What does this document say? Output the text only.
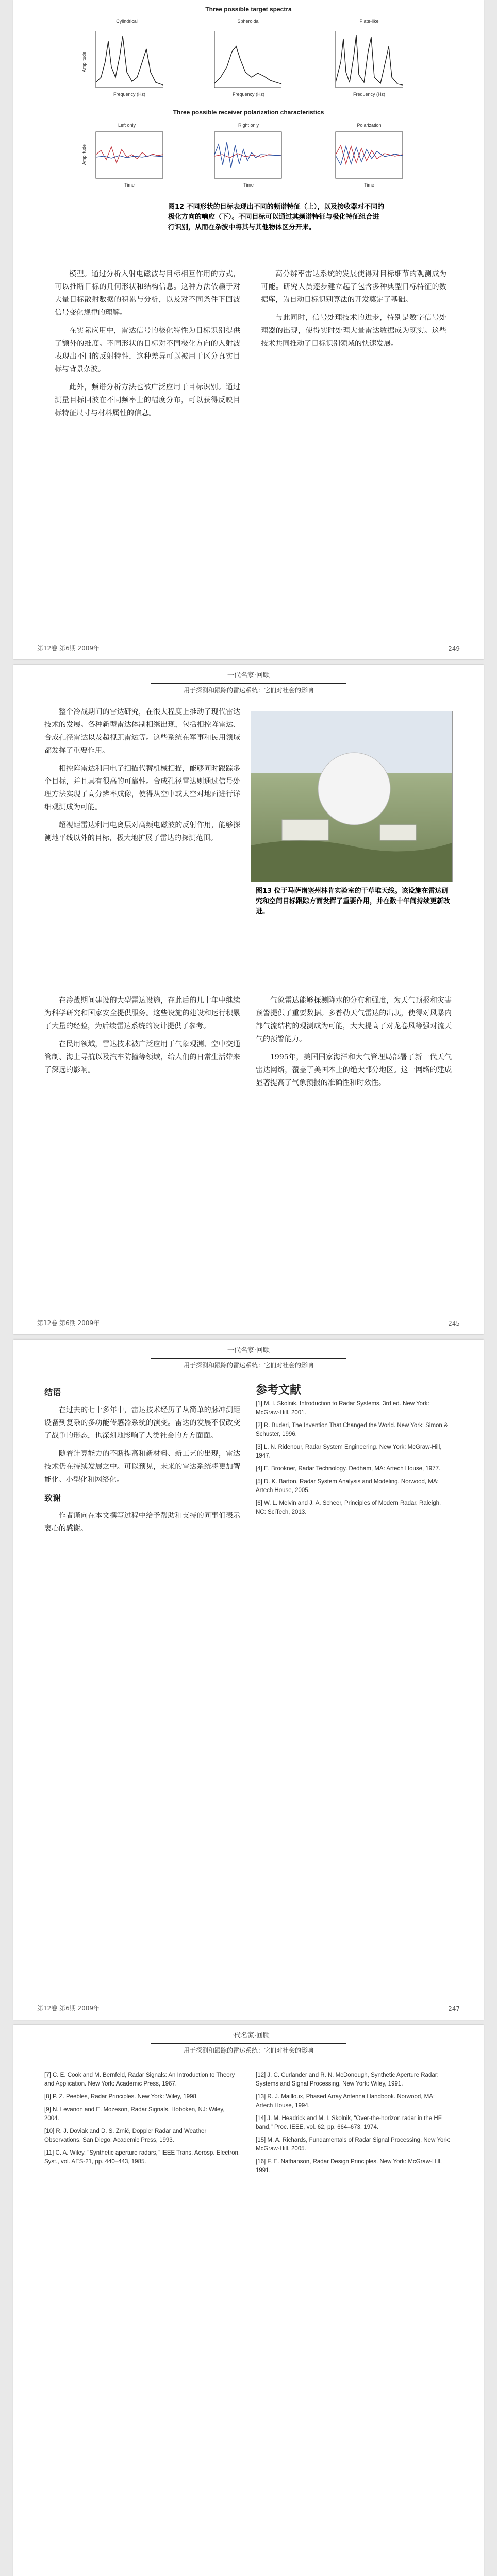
Three possible target spectra
Cylindrical
Frequency (Hz)
Spheroidal
Frequency (Hz)
Plate-like
Frequency (Hz)
Amplitude
Three possible receiver polarization characteristics
Left only
Time
Right only
Time
Polarization
Time
Amplitude
图12 不同形状的目标表现出不同的频谱特征（上），以及接收器对不同的极化方向的响应（下）。不同目标可以通过其频谱特征与极化特征组合进行识别，从而在杂波中将其与其他物体区分开来。

模型。通过分析入射电磁波与目标相互作用的方式，可以推断目标的几何形状和结构信息。这种方法依赖于对大量目标散射数据的积累与分析，以及对不同条件下回波信号变化规律的理解。

在实际应用中，雷达信号的极化特性为目标识别提供了额外的维度。不同形状的目标对不同极化方向的入射波表现出不同的反射特性，这种差异可以被用于区分真实目标与背景杂波。

此外，频谱分析方法也被广泛应用于目标识别。通过测量目标回波在不同频率上的幅度分布，可以获得反映目标特征尺寸与材料属性的信息。

高分辨率雷达系统的发展使得对目标细节的观测成为可能。研究人员逐步建立起了包含多种典型目标特征的数据库，为自动目标识别算法的开发奠定了基础。

与此同时，信号处理技术的进步，特别是数字信号处理器的出现，使得实时处理大量雷达数据成为现实。这些技术共同推动了目标识别领域的快速发展。

第12卷 第6期 2009年	249
一代名家·回顾
用于探测和跟踪的雷达系统：它们对社会的影响

整个冷战期间的雷达研究，在很大程度上推动了现代雷达技术的发展。各种新型雷达体制相继出现，包括相控阵雷达、合成孔径雷达以及超视距雷达等。这些系统在军事和民用领域都发挥了重要作用。

相控阵雷达利用电子扫描代替机械扫描，能够同时跟踪多个目标，并且具有很高的可靠性。合成孔径雷达则通过信号处理方法实现了高分辨率成像，使得从空中或太空对地面进行详细观测成为可能。

超视距雷达利用电离层对高频电磁波的反射作用，能够探测地平线以外的目标，极大地扩展了雷达的探测范围。

图13 位于马萨诸塞州林肯实验室的干草堆天线。该设施在雷达研究和空间目标跟踪方面发挥了重要作用，并在数十年间持续更新改进。

在冷战期间建设的大型雷达设施，在此后的几十年中继续为科学研究和国家安全提供服务。这些设施的建设和运行积累了大量的经验，为后续雷达系统的设计提供了参考。

在民用领域，雷达技术被广泛应用于气象观测、空中交通管制、海上导航以及汽车防撞等领域，给人们的日常生活带来了深远的影响。

气象雷达能够探测降水的分布和强度，为天气预报和灾害预警提供了重要数据。多普勒天气雷达的出现，使得对风暴内部气流结构的观测成为可能，大大提高了对龙卷风等强对流天气的预警能力。

1995年，美国国家海洋和大气管理局部署了新一代天气雷达网络，覆盖了美国本土的绝大部分地区。这一网络的建成显著提高了气象预报的准确性和时效性。

第12卷 第6期 2009年	245
一代名家·回顾
用于探测和跟踪的雷达系统：它们对社会的影响

结语

在过去的七十多年中，雷达技术经历了从简单的脉冲测距设备到复杂的多功能传感器系统的演变。雷达的发展不仅改变了战争的形态，也深刻地影响了人类社会的方方面面。

随着计算能力的不断提高和新材料、新工艺的出现，雷达技术仍在持续发展之中。可以预见，未来的雷达系统将更加智能化、小型化和网络化。

致谢

作者谨向在本文撰写过程中给予帮助和支持的同事们表示衷心的感谢。

参考文献
[1] M. I. Skolnik, Introduction to Radar Systems, 3rd ed. New York: McGraw-Hill, 2001.
[2] R. Buderi, The Invention That Changed the World. New York: Simon & Schuster, 1996.
[3] L. N. Ridenour, Radar System Engineering. New York: McGraw-Hill, 1947.
[4] E. Brookner, Radar Technology. Dedham, MA: Artech House, 1977.
[5] D. K. Barton, Radar System Analysis and Modeling. Norwood, MA: Artech House, 2005.
[6] W. L. Melvin and J. A. Scheer, Principles of Modern Radar. Raleigh, NC: SciTech, 2013.
第12卷 第6期 2009年	247
一代名家·回顾
用于探测和跟踪的雷达系统：它们对社会的影响
[7] C. E. Cook and M. Bernfeld, Radar Signals: An Introduction to Theory and Application. New York: Academic Press, 1967.
[8] P. Z. Peebles, Radar Principles. New York: Wiley, 1998.
[9] N. Levanon and E. Mozeson, Radar Signals. Hoboken, NJ: Wiley, 2004.
[10] R. J. Doviak and D. S. Zrnić, Doppler Radar and Weather Observations. San Diego: Academic Press, 1993.
[11] C. A. Wiley, "Synthetic aperture radars," IEEE Trans. Aerosp. Electron. Syst., vol. AES-21, pp. 440–443, 1985.
[12] J. C. Curlander and R. N. McDonough, Synthetic Aperture Radar: Systems and Signal Processing. New York: Wiley, 1991.
[13] R. J. Mailloux, Phased Array Antenna Handbook. Norwood, MA: Artech House, 1994.
[14] J. M. Headrick and M. I. Skolnik, "Over-the-horizon radar in the HF band," Proc. IEEE, vol. 62, pp. 664–673, 1974.
[15] M. A. Richards, Fundamentals of Radar Signal Processing. New York: McGraw-Hill, 2005.
[16] F. E. Nathanson, Radar Design Principles. New York: McGraw-Hill, 1991.
